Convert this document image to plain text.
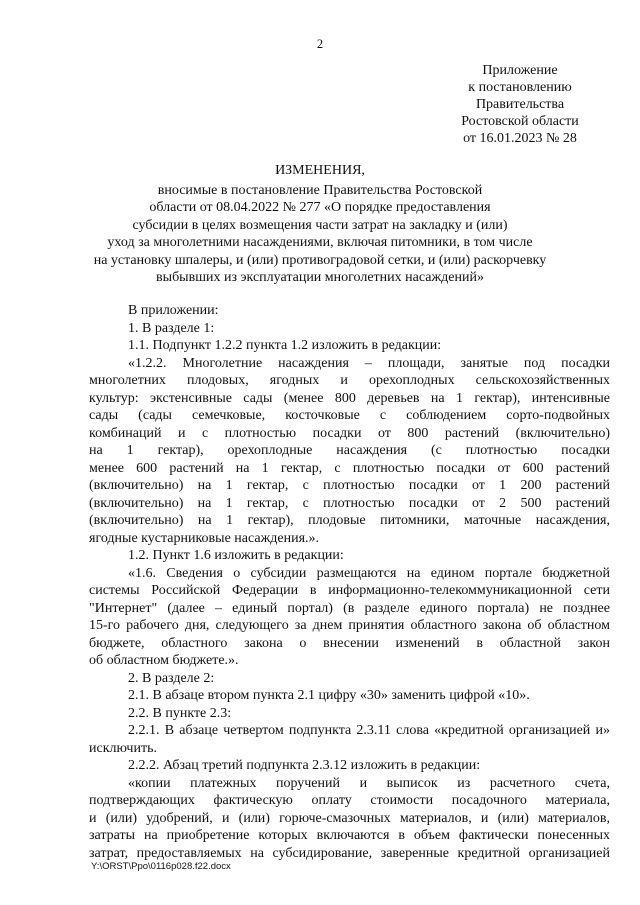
2
Приложение
к постановлению
Правительства
Ростовской области
от 16.01.2023 № 28
ИЗМЕНЕНИЯ,
вносимые в постановление Правительства Ростовской
области от 08.04.2022 № 277 «О порядке предоставления
субсидии в целях возмещения части затрат на закладку и (или)
уход за многолетними насаждениями, включая питомники, в том числе
на установку шпалеры, и (или) противоградовой сетки, и (или) раскорчевку
выбывших из эксплуатации многолетних насаждений»
В приложении:
1. В разделе 1:
1.1. Подпункт 1.2.2 пункта 1.2 изложить в редакции:
«1.2.2. Многолетние насаждения – площади, занятые под посадки
многолетних плодовых, ягодных и орехоплодных сельскохозяйственных
культур: экстенсивные сады (менее 800 деревьев на 1 гектар), интенсивные
сады (сады семечковые, косточковые с соблюдением сорто-подвойных
комбинаций и с плотностью посадки от 800 растений (включительно)
на 1 гектар), орехоплодные насаждения (с плотностью посадки
менее 600 растений на 1 гектар, с плотностью посадки от 600 растений
(включительно) на 1 гектар, с плотностью посадки от 1 200 растений
(включительно) на 1 гектар, с плотностью посадки от 2 500 растений
(включительно) на 1 гектар), плодовые питомники, маточные насаждения,
ягодные кустарниковые насаждения.».
1.2. Пункт 1.6 изложить в редакции:
«1.6. Сведения о субсидии размещаются на едином портале бюджетной
системы Российской Федерации в информационно-телекоммуникационной сети
"Интернет" (далее – единый портал) (в разделе единого портала) не позднее
15-го рабочего дня, следующего за днем принятия областного закона об областном
бюджете, областного закона о внесении изменений в областной закон
об областном бюджете.».
2. В разделе 2:
2.1. В абзаце втором пункта 2.1 цифру «30» заменить цифрой «10».
2.2. В пункте 2.3:
2.2.1. В абзаце четвертом подпункта 2.3.11 слова «кредитной организацией и»
исключить.
2.2.2. Абзац третий подпункта 2.3.12 изложить в редакции:
«копии платежных поручений и выписок из расчетного счета,
подтверждающих фактическую оплату стоимости посадочного материала,
и (или) удобрений, и (или) горюче-смазочных материалов, и (или) материалов,
затраты на приобретение которых включаются в объем фактически понесенных
затрат, предоставляемых на субсидирование, заверенные кредитной организацией
Y:\ORST\Ppo\0116p028.f22.docx
